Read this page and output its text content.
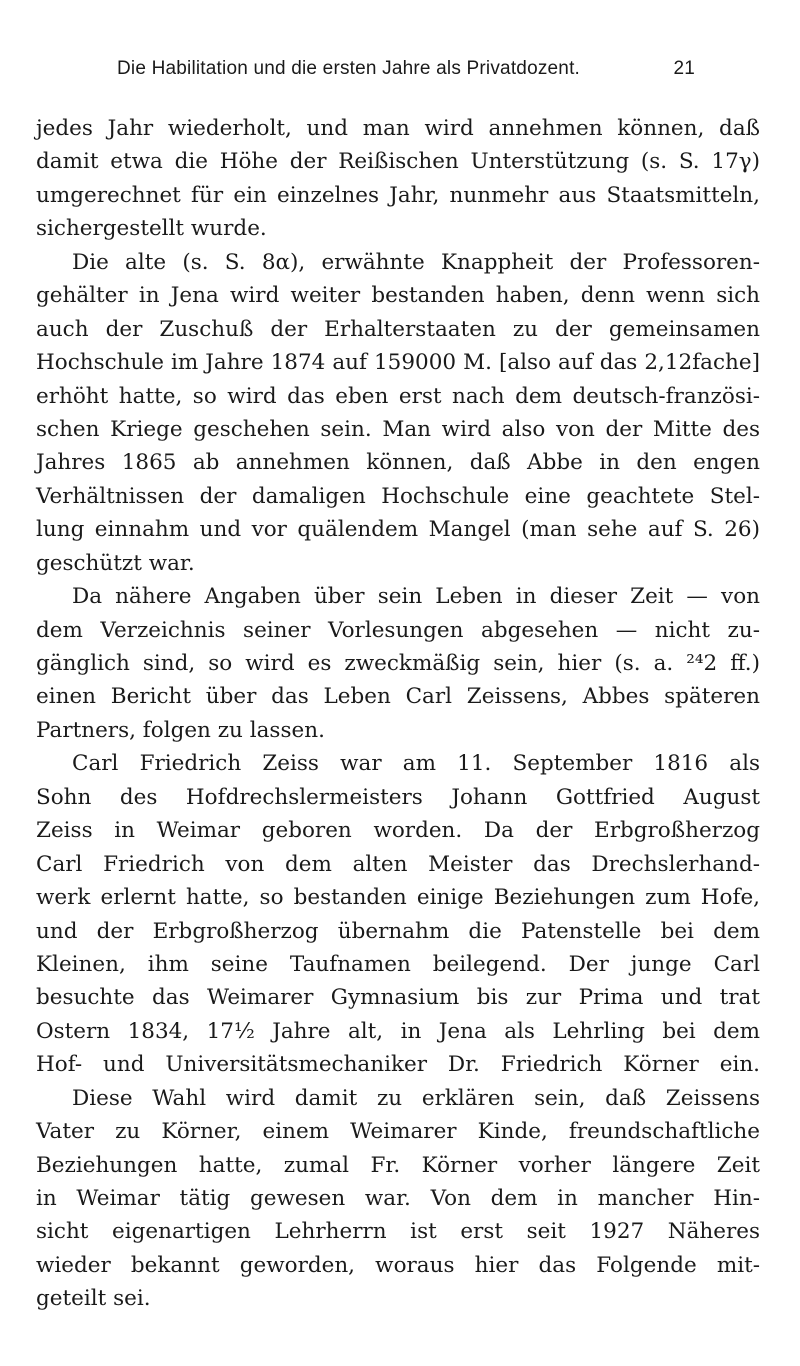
Die Habilitation und die ersten Jahre als Privatdozent.	21
jedes Jahr wiederholt, und man wird annehmen können, daß
damit etwa die Höhe der Reißischen Unterstützung (s. S. 17γ)
umgerechnet für ein einzelnes Jahr, nunmehr aus Staatsmitteln,
sichergestellt wurde.
Die alte (s. S. 8α), erwähnte Knappheit der Professoren-
gehälter in Jena wird weiter bestanden haben, denn wenn sich
auch der Zuschuß der Erhalterstaaten zu der gemeinsamen
Hochschule im Jahre 1874 auf 159000 M. [also auf das 2,12fache]
erhöht hatte, so wird das eben erst nach dem deutsch-französi-
schen Kriege geschehen sein. Man wird also von der Mitte des
Jahres 1865 ab annehmen können, daß Abbe in den engen
Verhältnissen der damaligen Hochschule eine geachtete Stel-
lung einnahm und vor quälendem Mangel (man sehe auf S. 26)
geschützt war.
Da nähere Angaben über sein Leben in dieser Zeit — von
dem Verzeichnis seiner Vorlesungen abgesehen — nicht zu-
gänglich sind, so wird es zweckmäßig sein, hier (s. a. ²⁴2 ff.)
einen Bericht über das Leben Carl Zeissens, Abbes späteren
Partners, folgen zu lassen.
Carl Friedrich Zeiss war am 11. September 1816 als
Sohn des Hofdrechslermeisters Johann Gottfried August
Zeiss in Weimar geboren worden. Da der Erbgroßherzog
Carl Friedrich von dem alten Meister das Drechslerhand-
werk erlernt hatte, so bestanden einige Beziehungen zum Hofe,
und der Erbgroßherzog übernahm die Patenstelle bei dem
Kleinen, ihm seine Taufnamen beilegend. Der junge Carl
besuchte das Weimarer Gymnasium bis zur Prima und trat
Ostern 1834, 17½ Jahre alt, in Jena als Lehrling bei dem
Hof- und Universitätsmechaniker Dr. Friedrich Körner ein.
Diese Wahl wird damit zu erklären sein, daß Zeissens
Vater zu Körner, einem Weimarer Kinde, freundschaftliche
Beziehungen hatte, zumal Fr. Körner vorher längere Zeit
in Weimar tätig gewesen war. Von dem in mancher Hin-
sicht eigenartigen Lehrherrn ist erst seit 1927 Näheres
wieder bekannt geworden, woraus hier das Folgende mit-
geteilt sei.
